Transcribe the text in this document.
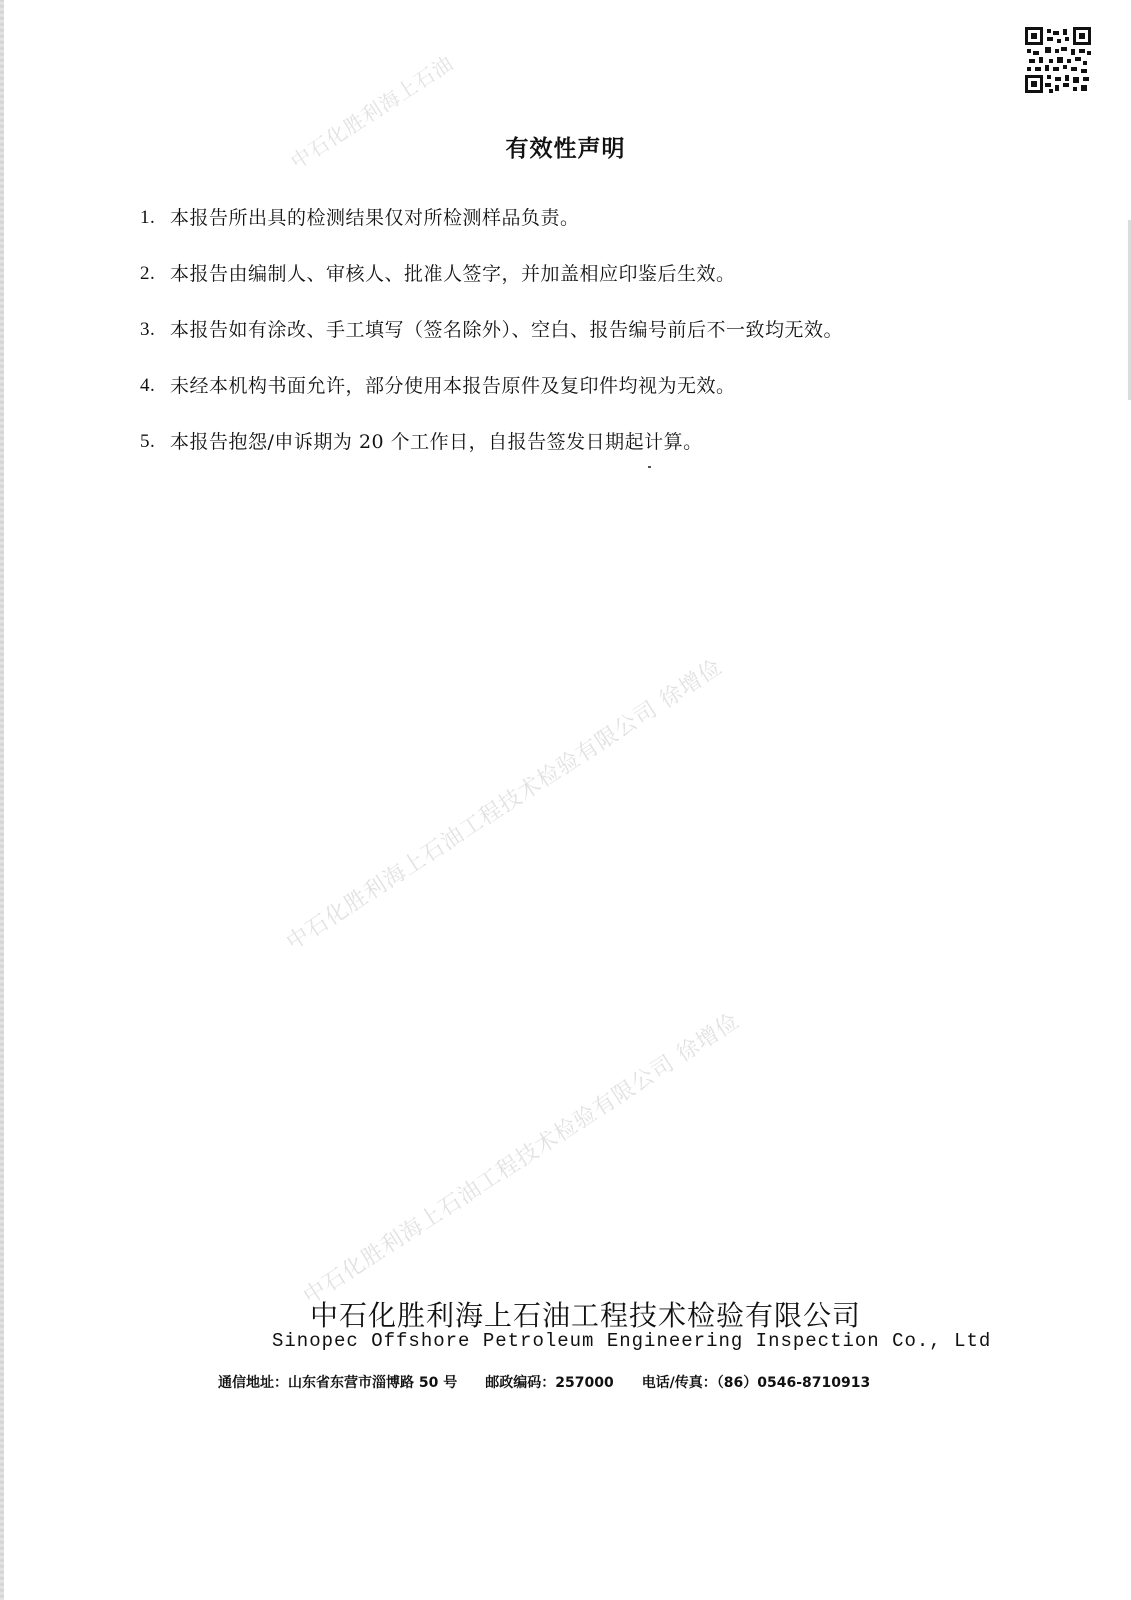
中石化胜利海上石油
中石化胜利海上石油工程技术检验有限公司 徐增俭
中石化胜利海上石油工程技术检验有限公司 徐增俭
有效性声明
1. 本报告所出具的检测结果仅对所检测样品负责。
2. 本报告由编制人、审核人、批准人签字，并加盖相应印鉴后生效。
3. 本报告如有涂改、手工填写（签名除外）、空白、报告编号前后不一致均无效。
4. 未经本机构书面允许，部分使用本报告原件及复印件均视为无效。
5. 本报告抱怨/申诉期为 20 个工作日，自报告签发日期起计算。
中石化胜利海上石油工程技术检验有限公司
Sinopec Offshore Petroleum Engineering Inspection Co., Ltd
通信地址：山东省东营市淄博路 50 号 邮政编码：257000 电话/传真：（86）0546-8710913
